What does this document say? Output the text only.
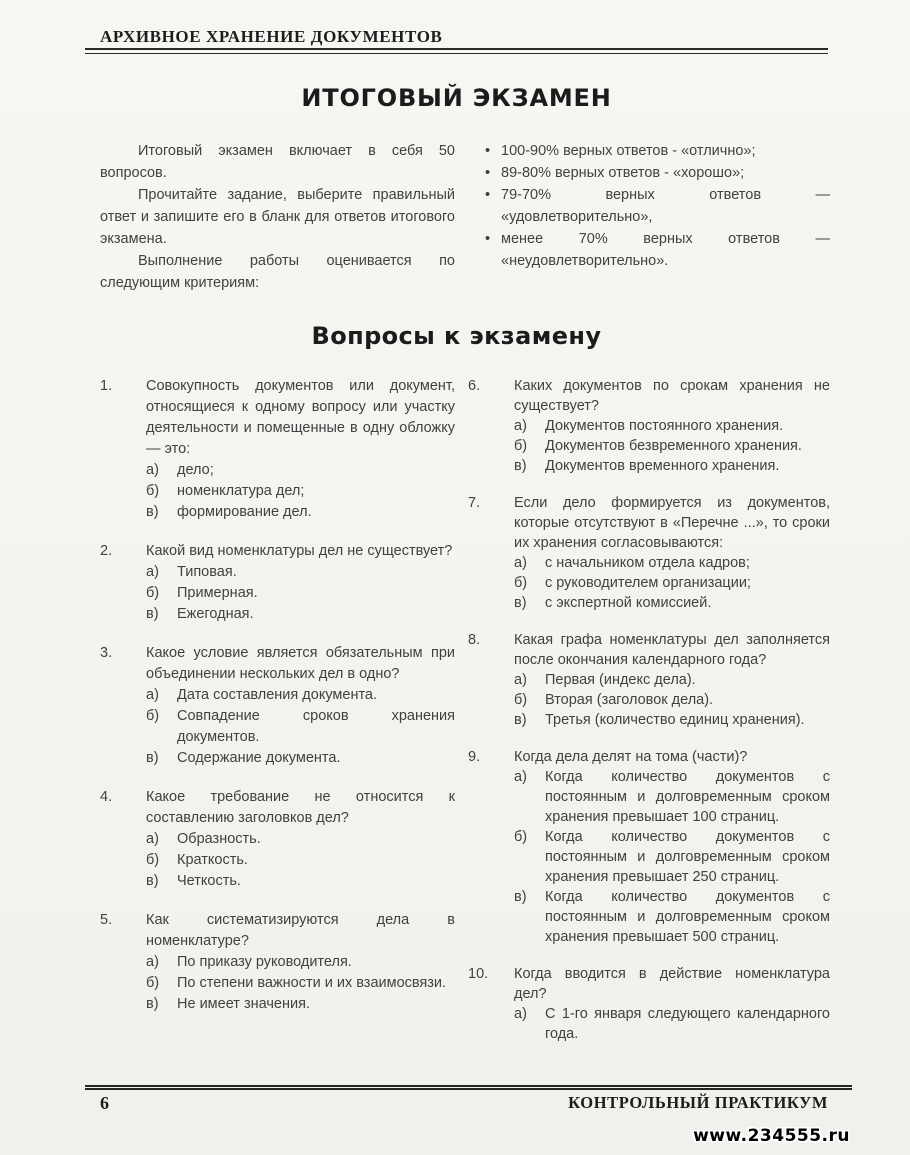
АРХИВНОЕ ХРАНЕНИЕ ДОКУМЕНТОВ
ИТОГОВЫЙ ЭКЗАМЕН

Итоговый экзамен включает в себя 50 вопросов.

Прочитайте задание, выберите правильный ответ и запишите его в бланк для ответов итогового экзамена.

Выполнение работы оценивается по следующим критериям:

• 100-90% верных ответов - «отлично»;
• 89-80% верных ответов - «хорошо»;
• 79-70% верных ответов — «удовлетворительно»,
• менее 70% верных ответов — «неудовлетворительно».
Вопросы к экзамену
1.	Совокупность документов или документ, относящиеся к одному вопросу или участку деятельности и помещенные в одну обложку — это:
а)	дело;
б)	номенклатура дел;
в)	формирование дел.
2.	Какой вид номенклатуры дел не существует?
а)	Типовая.
б)	Примерная.
в)	Ежегодная.
3.	Какое условие является обязательным при объединении нескольких дел в одно?
а)	Дата составления документа.
б)	Совпадение сроков хранения документов.
в)	Содержание документа.
4.	Какое требование не относится к составлению заголовков дел?
а)	Образность.
б)	Краткость.
в)	Четкость.
5.	Как систематизируются дела в номенклатуре?
а)	По приказу руководителя.
б)	По степени важности и их взаимосвязи.
в)	Не имеет значения.
6.	Каких документов по срокам хранения не существует?
а)	Документов постоянного хранения.
б)	Документов безвременного хранения.
в)	Документов временного хранения.
7.	Если дело формируется из документов, которые отсутствуют в «Перечне ...», то сроки их хранения согласовываются:
а)	с начальником отдела кадров;
б)	с руководителем организации;
в)	с экспертной комиссией.
8.	Какая графа номенклатуры дел заполняется после окончания календарного года?
а)	Первая (индекс дела).
б)	Вторая (заголовок дела).
в)	Третья (количество единиц хранения).
9.	Когда дела делят на тома (части)?
а)	Когда количество документов с постоянным и долговременным сроком хранения превышает 100 страниц.
б)	Когда количество документов с постоянным и долговременным сроком хранения превышает 250 страниц.
в)	Когда количество документов с постоянным и долговременным сроком хранения превышает 500 страниц.
10.	Когда вводится в действие номенклатура дел?
а)	С 1-го января следующего календарного года.
6	КОНТРОЛЬНЫЙ ПРАКТИКУМ
www.234555.ru
